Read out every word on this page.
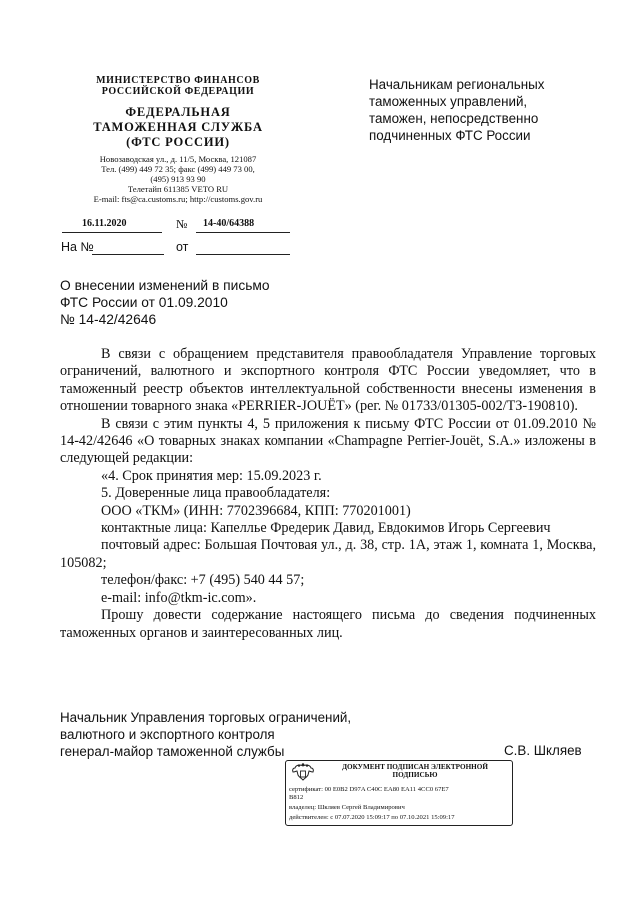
МИНИСТЕРСТВО ФИНАНСОВ
РОССИЙСКОЙ ФЕДЕРАЦИИ
ФЕДЕРАЛЬНАЯ
ТАМОЖЕННАЯ СЛУЖБА
(ФТС РОССИИ)
Новозаводская ул., д. 11/5, Москва, 121087
Тел. (499) 449 72 35; факс (499) 449 73 00,
(495) 913 93 90
Телетайп 611385 VETO RU
E-mail: fts@ca.customs.ru; http://customs.gov.ru
16.11.2020	№ 14-40/64388
На №	от
Начальникам региональных
таможенных управлений,
таможен, непосредственно
подчиненных ФТС России
О внесении изменений в письмо
ФТС России от 01.09.2010
№ 14-42/42646

В связи с обращением представителя правообладателя Управление торговых ограничений, валютного и экспортного контроля ФТС России уведомляет, что в таможенный реестр объектов интеллектуальной собственности внесены изменения в отношении товарного знака «PERRIER-JOUËT» (рег. № 01733/01305-002/ТЗ-190810).

В связи с этим пункты 4, 5 приложения к письму ФТС России от 01.09.2010 № 14-42/42646 «О товарных знаках компании «Champagne Perrier-Jouët, S.A.» изложены в следующей редакции:

«4. Срок принятия мер: 15.09.2023 г.

5. Доверенные лица правообладателя:

ООО «ТКМ» (ИНН: 7702396684, КПП: 770201001)

контактные лица: Капеллье Фредерик Давид, Евдокимов Игорь Сергеевич

почтовый адрес: Большая Почтовая ул., д. 38, стр. 1А, этаж 1, комната 1, Москва, 105082;

телефон/факс: +7 (495) 540 44 57;

e-mail: info@tkm-ic.com».

Прошу довести содержание настоящего письма до сведения подчиненных таможенных органов и заинтересованных лиц.

Начальник Управления торговых ограничений,
валютного и экспортного контроля
генерал-майор таможенной службы	С.В. Шкляев
ДОКУМЕНТ ПОДПИСАН ЭЛЕКТРОННОЙ
ПОДПИСЬЮ
сертификат: 00 E0B2 D97A C40C EA80 EA11 4CC0 67E7
B812
владелец: Шкляев Сергей Владимирович
действителен: с 07.07.2020 15:09:17 по 07.10.2021 15:09:17
